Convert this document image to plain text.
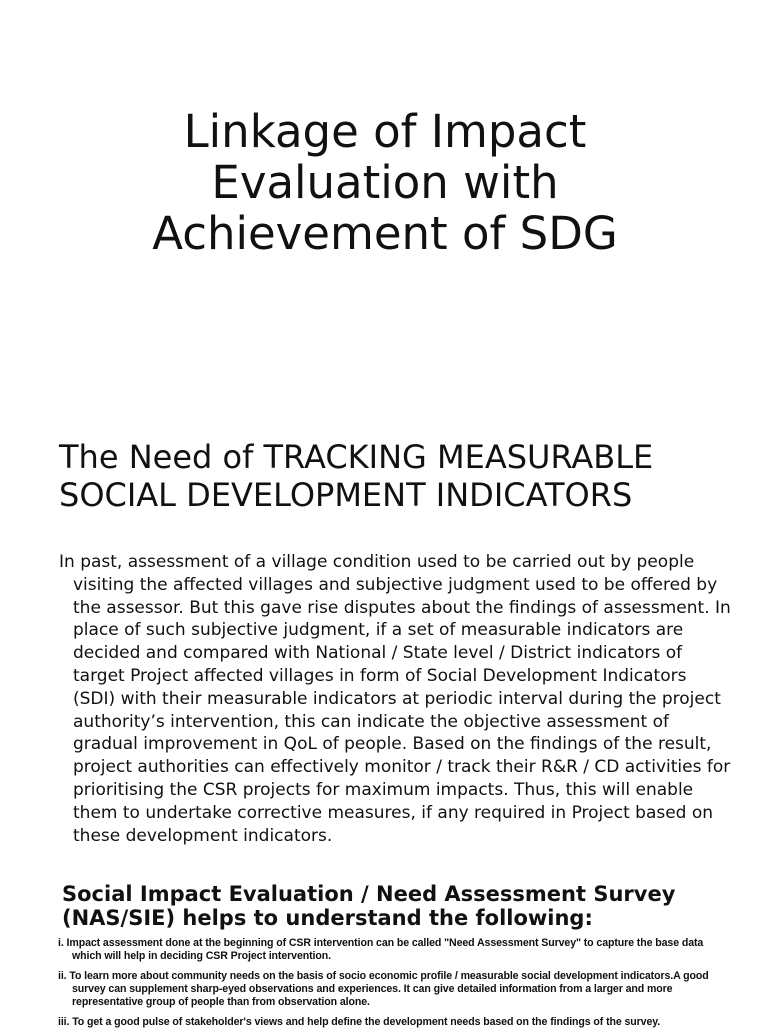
Linkage of Impact Evaluation with Achievement of SDG
The Need of TRACKING MEASURABLE SOCIAL DEVELOPMENT INDICATORS

In past, assessment of a village condition used to be carried out by people visiting the affected villages and subjective judgment used to be offered by the assessor. But this gave rise disputes about the findings of assessment. In place of such subjective judgment, if a set of measurable indicators are decided and compared with National / State level / District indicators of target Project affected villages in form of Social Development Indicators (SDI) with their measurable indicators at periodic interval during the project authority’s intervention, this can indicate the objective assessment of gradual improvement in QoL of people. Based on the findings of the result, project authorities can effectively monitor / track their R&R / CD activities for prioritising the CSR projects for maximum impacts. Thus, this will enable them to undertake corrective measures, if any required in Project based on these development indicators.

Social Impact Evaluation / Need Assessment Survey (NAS/SIE) helps to understand the following:
i. Impact assessment done at the beginning of CSR intervention can be called "Need Assessment Survey" to capture the base data which will help in deciding CSR Project intervention.
ii. To learn more about community needs on the basis of socio economic profile / measurable social development indicators.A good survey can supplement sharp-eyed observations and experiences. It can give detailed information from a larger and more representative group of people than from observation alone.
iii. To get a good pulse of stakeholder's views and help define the development needs based on the findings of the survey.
